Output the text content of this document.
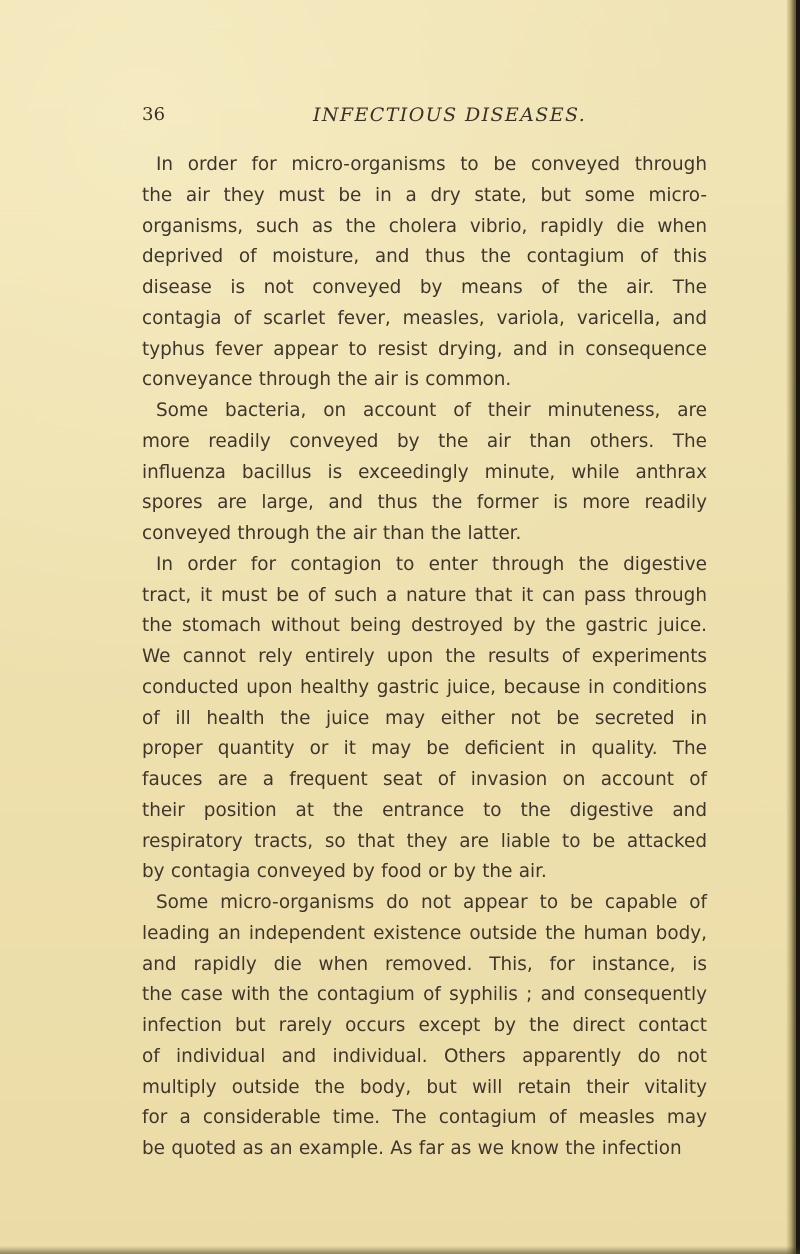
36	INFECTIOUS DISEASES.
In order for micro-organisms to be conveyed through
the air they must be in a dry state, but some micro-
organisms, such as the cholera vibrio, rapidly die when
deprived of moisture, and thus the contagium of this
disease is not conveyed by means of the air. The
contagia of scarlet fever, measles, variola, varicella, and
typhus fever appear to resist drying, and in consequence
conveyance through the air is common.
Some bacteria, on account of their minuteness, are
more readily conveyed by the air than others. The
influenza bacillus is exceedingly minute, while anthrax
spores are large, and thus the former is more readily
conveyed through the air than the latter.
In order for contagion to enter through the digestive
tract, it must be of such a nature that it can pass through
the stomach without being destroyed by the gastric juice.
We cannot rely entirely upon the results of experiments
conducted upon healthy gastric juice, because in conditions
of ill health the juice may either not be secreted in
proper quantity or it may be deficient in quality. The
fauces are a frequent seat of invasion on account of
their position at the entrance to the digestive and
respiratory tracts, so that they are liable to be attacked
by contagia conveyed by food or by the air.
Some micro-organisms do not appear to be capable of
leading an independent existence outside the human body,
and rapidly die when removed. This, for instance, is
the case with the contagium of syphilis ; and consequently
infection but rarely occurs except by the direct contact
of individual and individual. Others apparently do not
multiply outside the body, but will retain their vitality
for a considerable time. The contagium of measles may
be quoted as an example. As far as we know the infection
